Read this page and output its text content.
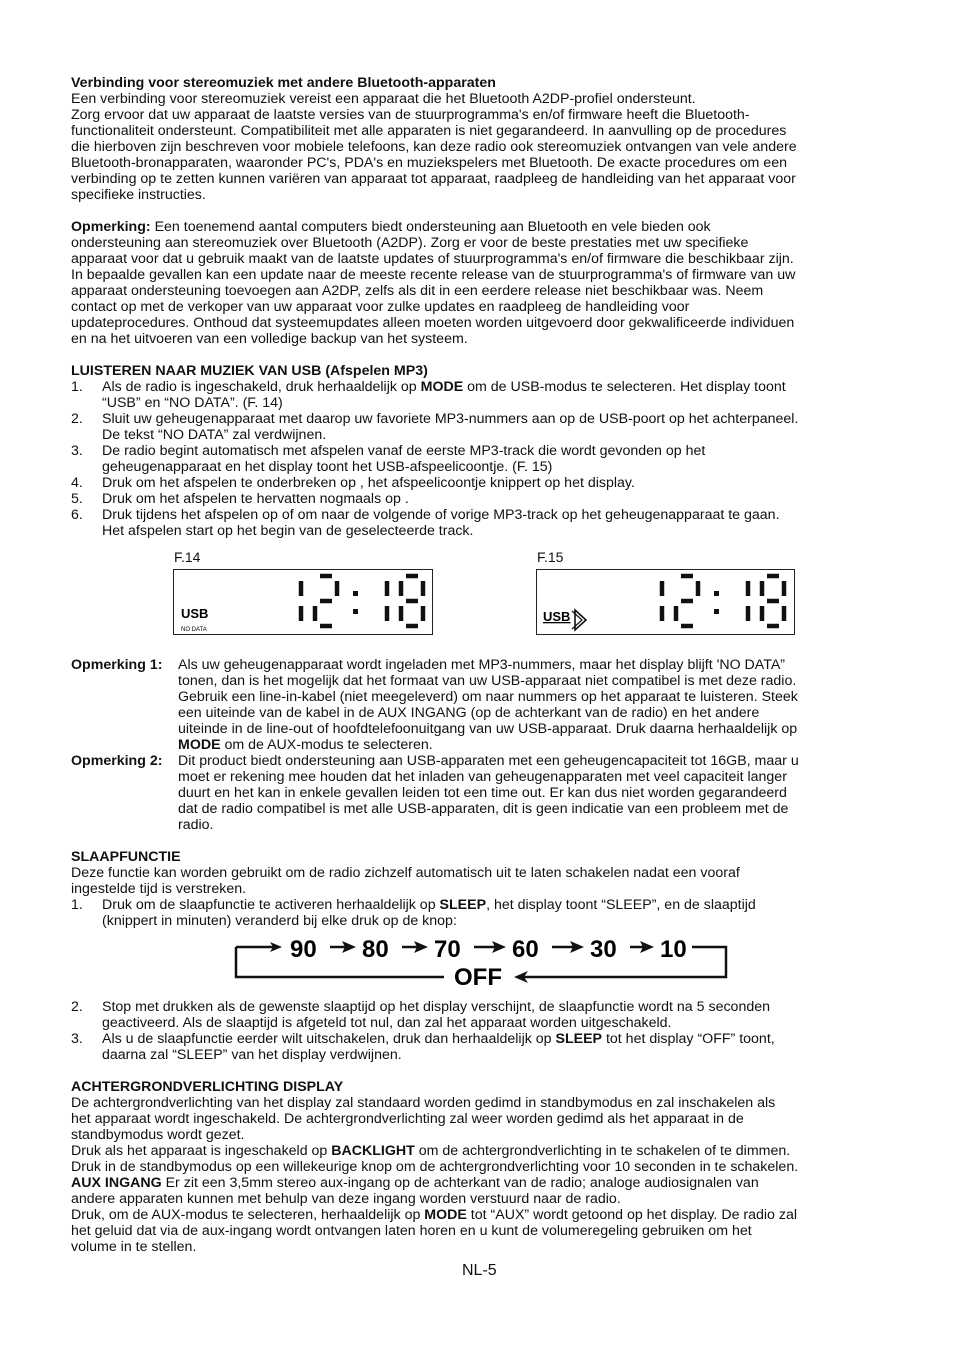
Verbinding voor stereomuziek met andere Bluetooth-apparaten

Een verbinding voor stereomuziek vereist een apparaat die het Bluetooth A2DP-profiel ondersteunt.

Zorg ervoor dat uw apparaat de laatste versies van de stuurprogramma's en/of firmware heeft die Bluetooth-

functionaliteit ondersteunt. Compatibiliteit met alle apparaten is niet gegarandeerd. In aanvulling op de procedures

die hierboven zijn beschreven voor mobiele telefoons, kan deze radio ook stereomuziek ontvangen van vele andere

Bluetooth-bronapparaten, waaronder PC's, PDA's en muziekspelers met Bluetooth. De exacte procedures om een

verbinding op te zetten kunnen variëren van apparaat tot apparaat, raadpleeg de handleiding van het apparaat voor

specifieke instructies.

Opmerking: Een toenemend aantal computers biedt ondersteuning aan Bluetooth en vele bieden ook

ondersteuning aan stereomuziek over Bluetooth (A2DP). Zorg er voor de beste prestaties met uw specifieke

apparaat voor dat u gebruik maakt van de laatste updates of stuurprogramma's en/of firmware die beschikbaar zijn.

In bepaalde gevallen kan een update naar de meeste recente release van de stuurprogramma's of firmware van uw

apparaat ondersteuning toevoegen aan A2DP, zelfs als dit in een eerdere release niet beschikbaar was. Neem

contact op met de verkoper van uw apparaat voor zulke updates en raadpleeg de handleiding voor

updateprocedures. Onthoud dat systeemupdates alleen moeten worden uitgevoerd door gekwalificeerde individuen

en na het uitvoeren van een volledige backup van het systeem.

LUISTEREN NAAR MUZIEK VAN USB (Afspelen MP3)

1. Als de radio is ingeschakeld, druk herhaaldelijk op MODE om de USB-modus te selecteren. Het display toont

“USB” en “NO DATA”. (F. 14)

2. Sluit uw geheugenapparaat met daarop uw favoriete MP3-nummers aan op de USB-poort op het achterpaneel.

De tekst “NO DATA” zal verdwijnen.

3. De radio begint automatisch met afspelen vanaf de eerste MP3-track die wordt gevonden op het

geheugenapparaat en het display toont het USB-afspeelicoontje. (F. 15)

4. Druk om het afspelen te onderbreken op , het afspeelicoontje knippert op het display.

5. Druk om het afspelen te hervatten nogmaals op .

6. Druk tijdens het afspelen op of om naar de volgende of vorige MP3-track op het geheugenapparaat te gaan.

Het afspelen start op het begin van de geselecteerde track.

F.14
USB
NO DATA
F.15
USB
Opmerking 1: Als uw geheugenapparaat wordt ingeladen met MP3-nummers, maar het display blijft 'NO DATA”

tonen, dan is het mogelijk dat het formaat van uw USB-apparaat niet compatibel is met deze radio.

Gebruik een line-in-kabel (niet meegeleverd) om naar nummers op het apparaat te luisteren. Steek

een uiteinde van de kabel in de AUX INGANG (op de achterkant van de radio) en het andere

uiteinde in de line-out of hoofdtelefoonuitgang van uw USB-apparaat. Druk daarna herhaaldelijk op

MODE om de AUX-modus te selecteren.

Opmerking 2: Dit product biedt ondersteuning aan USB-apparaten met een geheugencapaciteit tot 16GB, maar u

moet er rekening mee houden dat het inladen van geheugenapparaten met veel capaciteit langer

duurt en het kan in enkele gevallen leiden tot een time out. Er kan dus niet worden gegarandeerd

dat de radio compatibel is met alle USB-apparaten, dit is geen indicatie van een probleem met de

radio.

SLAAPFUNCTIE

Deze functie kan worden gebruikt om de radio zichzelf automatisch uit te laten schakelen nadat een vooraf

ingestelde tijd is verstreken.

1. Druk om de slaapfunctie te activeren herhaaldelijk op SLEEP, het display toont “SLEEP”, en de slaaptijd

(knippert in minuten) veranderd bij elke druk op de knop:

90 80 70 60 30 10
OFF
2. Stop met drukken als de gewenste slaaptijd op het display verschijnt, de slaapfunctie wordt na 5 seconden

geactiveerd. Als de slaaptijd is afgeteld tot nul, dan zal het apparaat worden uitgeschakeld.

3. Als u de slaapfunctie eerder wilt uitschakelen, druk dan herhaaldelijk op SLEEP tot het display “OFF” toont,

daarna zal “SLEEP” van het display verdwijnen.

ACHTERGRONDVERLICHTING DISPLAY

De achtergrondverlichting van het display zal standaard worden gedimd in standbymodus en zal inschakelen als

het apparaat wordt ingeschakeld. De achtergrondverlichting zal weer worden gedimd als het apparaat in de

standbymodus wordt gezet.

Druk als het apparaat is ingeschakeld op BACKLIGHT om de achtergrondverlichting in te schakelen of te dimmen.

Druk in de standbymodus op een willekeurige knop om de achtergrondverlichting voor 10 seconden in te schakelen.

AUX INGANG Er zit een 3,5mm stereo aux-ingang op de achterkant van de radio; analoge audiosignalen van

andere apparaten kunnen met behulp van deze ingang worden verstuurd naar de radio.

Druk, om de AUX-modus te selecteren, herhaaldelijk op MODE tot “AUX” wordt getoond op het display. De radio zal

het geluid dat via de aux-ingang wordt ontvangen laten horen en u kunt de volumeregeling gebruiken om het

volume in te stellen.

NL-5
